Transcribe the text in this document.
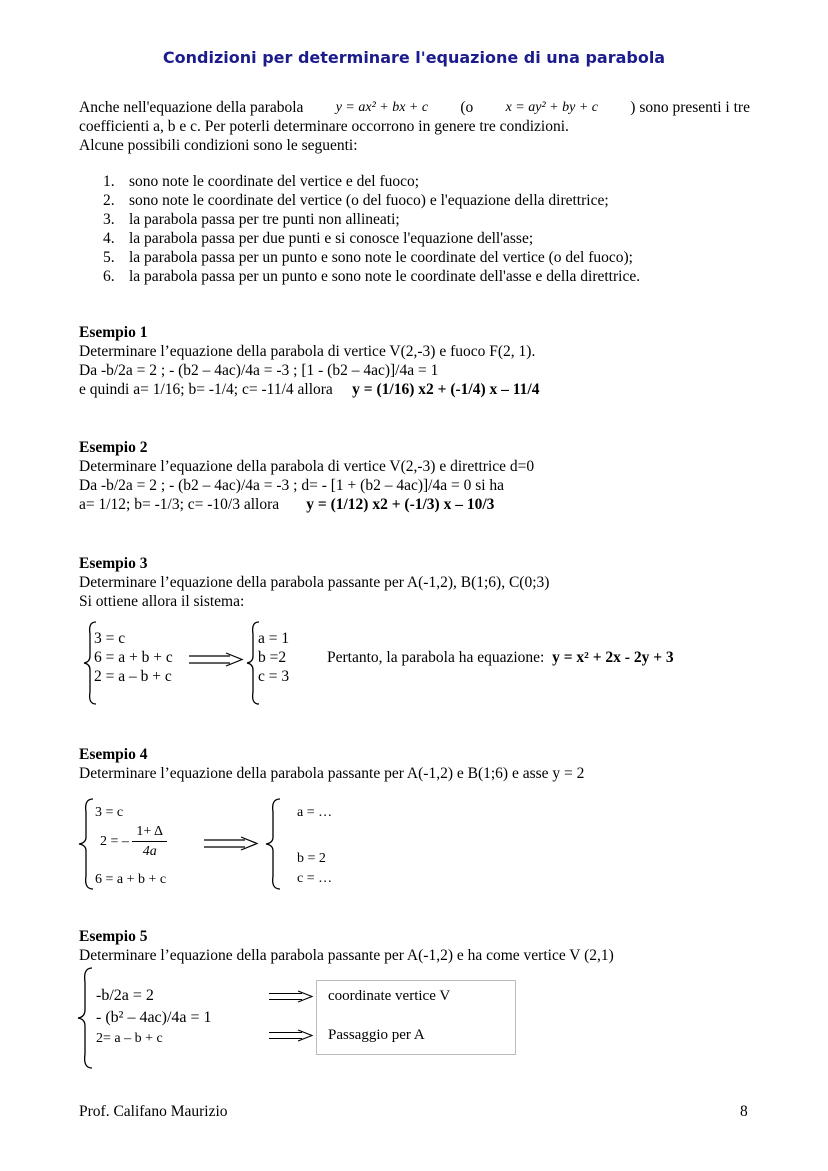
Condizioni per determinare l'equazione di una parabola
Anche nell'equazione della parabola y = ax² + bx + c (o x = ay² + by + c ) sono presenti i tre
coefficienti a, b e c. Per poterli determinare occorrono in genere tre condizioni.
Alcune possibili condizioni sono le seguenti:
1. sono note le coordinate del vertice e del fuoco;
2. sono note le coordinate del vertice (o del fuoco) e l'equazione della direttrice;
3. la parabola passa per tre punti non allineati;
4. la parabola passa per due punti e si conosce l'equazione dell'asse;
5. la parabola passa per un punto e sono note le coordinate del vertice (o del fuoco);
6. la parabola passa per un punto e sono note le coordinate dell'asse e della direttrice.
Esempio 1
Determinare l’equazione della parabola di vertice V(2,-3) e fuoco F(2, 1).
Da -b/2a = 2 ; - (b2 – 4ac)/4a = -3 ; [1 - (b2 – 4ac)]/4a = 1
e quindi a= 1/16; b= -1/4; c= -11/4 allora y = (1/16) x2 + (-1/4) x – 11/4
Esempio 2
Determinare l’equazione della parabola di vertice V(2,-3) e direttrice d=0
Da -b/2a = 2 ; - (b2 – 4ac)/4a = -3 ; d= - [1 + (b2 – 4ac)]/4a = 0 si ha
a= 1/12; b= -1/3; c= -10/3 allora y = (1/12) x2 + (-1/3) x – 10/3
Esempio 3
Determinare l’equazione della parabola passante per A(-1,2), B(1;6), C(0;3)
Si ottiene allora il sistema:
3 = c
6 = a + b + c
2 = a – b + c
a = 1
b =2
c = 3
Pertanto, la parabola ha equazione: y = x² + 2x - 2y + 3
Esempio 4
Determinare l’equazione della parabola passante per A(-1,2) e B(1;6) e asse y = 2
3 = c
2 = – $\frac{1+ \Delta}{4a}$
6 = a + b + c
a = …
b = 2
c = …
Esempio 5
Determinare l’equazione della parabola passante per A(-1,2) e ha come vertice V (2,1)
-b/2a = 2
- (b² – 4ac)/4a = 1
2= a – b + c
coordinate vertice V
Passaggio per A
Prof. Califano Maurizio	8
